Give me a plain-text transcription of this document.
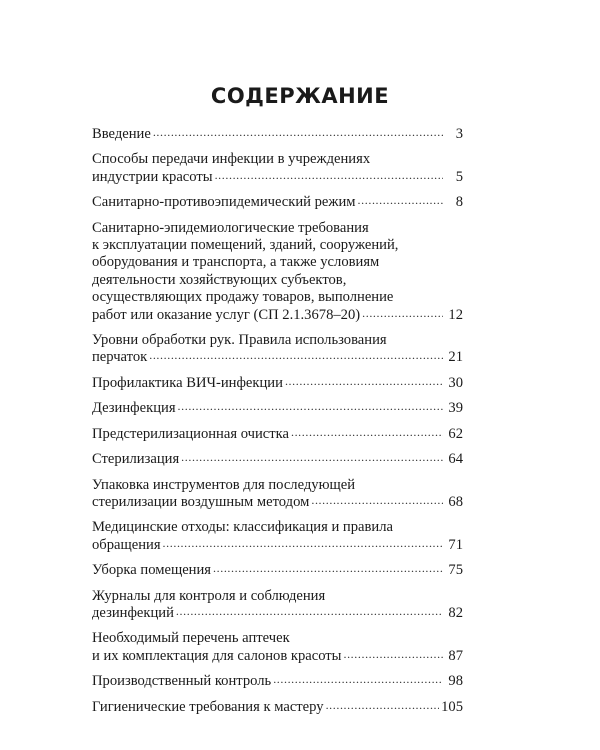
СОДЕРЖАНИЕ
Введение .....	3
Способы передачи инфекции в учреждениях
индустрии красоты .....	5
Санитарно-противоэпидемический режим .....	8
Санитарно-эпидемиологические требования
к эксплуатации помещений, зданий, сооружений,
оборудования и транспорта, а также условиям
деятельности хозяйствующих субъектов,
осуществляющих продажу товаров, выполнение
работ или оказание услуг (СП 2.1.3678–20) .....	12
Уровни обработки рук. Правила использования
перчаток .....	21
Профилактика ВИЧ-инфекции .....	30
Дезинфекция .....	39
Предстерилизационная очистка .....	62
Стерилизация .....	64
Упаковка инструментов для последующей
стерилизации воздушным методом .....	68
Медицинские отходы: классификация и правила
обращения .....	71
Уборка помещения .....	75
Журналы для контроля и соблюдения
дезинфекций .....	82
Необходимый перечень аптечек
и их комплектация для салонов красоты .....	87
Производственный контроль .....	98
Гигиенические требования к мастеру .....	105
